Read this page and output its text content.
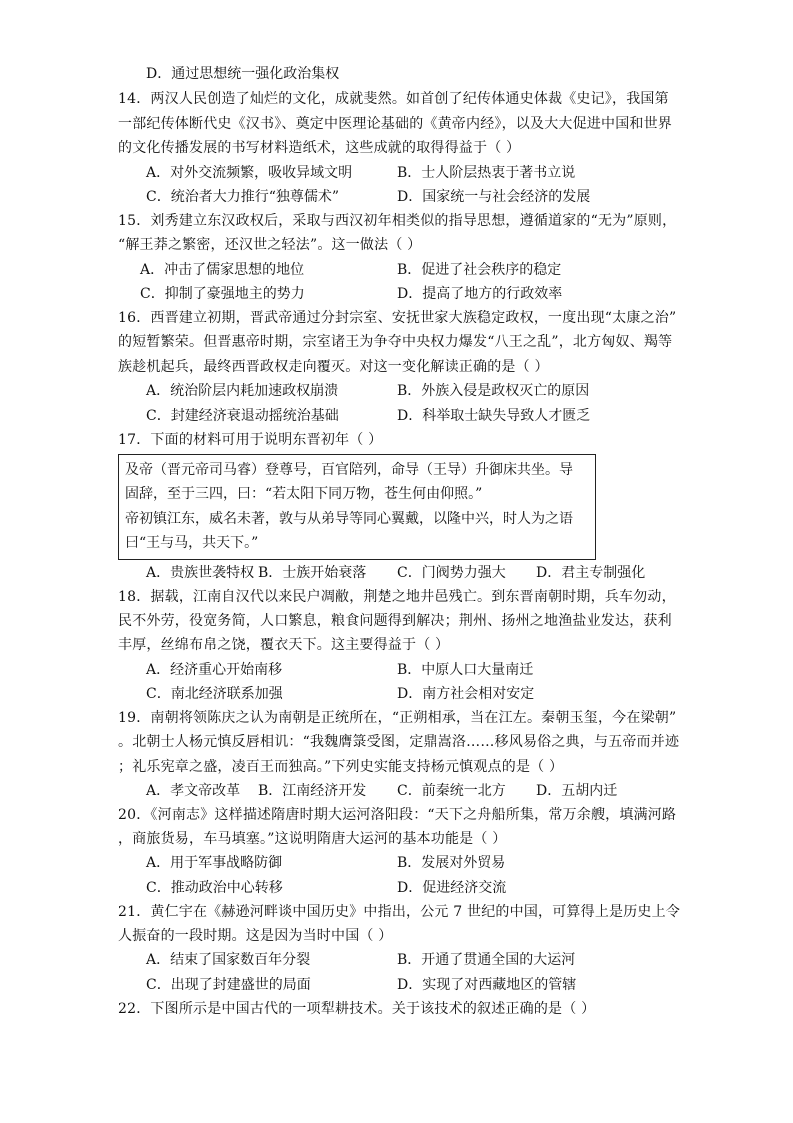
D．通过思想统一强化政治集权
14．两汉人民创造了灿烂的文化，成就斐然。如首创了纪传体通史体裁《史记》，我国第
一部纪传体断代史《汉书》、奠定中医理论基础的《黄帝内经》，以及大大促进中国和世界
的文化传播发展的书写材料造纸术，这些成就的取得得益于（ ）
A．对外交流频繁，吸收异域文明	B．士人阶层热衷于著书立说
C．统治者大力推行“独尊儒术”	D．国家统一与社会经济的发展
15．刘秀建立东汉政权后，采取与西汉初年相类似的指导思想，遵循道家的“无为”原则，
“解王莽之繁密，还汉世之轻法”。这一做法（ ）
A．冲击了儒家思想的地位	B．促进了社会秩序的稳定
C．抑制了豪强地主的势力	D．提高了地方的行政效率
16．西晋建立初期，晋武帝通过分封宗室、安抚世家大族稳定政权，一度出现“太康之治”
的短暂繁荣。但晋惠帝时期，宗室诸王为争夺中央权力爆发“八王之乱”，北方匈奴、羯等
族趁机起兵，最终西晋政权走向覆灭。对这一变化解读正确的是（ ）
A．统治阶层内耗加速政权崩溃	B．外族入侵是政权灭亡的原因
C．封建经济衰退动摇统治基础	D．科举取士缺失导致人才匮乏
17．下面的材料可用于说明东晋初年（ ）
及帝（晋元帝司马睿）登尊号，百官陪列，命导（王导）升御床共坐。导
固辞，至于三四，曰：“若太阳下同万物，苍生何由仰照。”
帝初镇江东，威名未著，敦与从弟导等同心翼戴，以隆中兴，时人为之语
曰“王与马，共天下。”
A．贵族世袭特权 B．士族开始衰落 C．门阀势力强大 D．君主专制强化
18．据载，江南自汉代以来民户凋敝，荆楚之地井邑残亡。到东晋南朝时期，兵车勿动，
民不外劳，役宽务简，人口繁息，粮食问题得到解决；荆州、扬州之地渔盐业发达，获利
丰厚，丝绵布帛之饶，覆衣天下。这主要得益于（ ）
A．经济重心开始南移	B．中原人口大量南迁
C．南北经济联系加强	D．南方社会相对安定
19．南朝将领陈庆之认为南朝是正统所在，“正朔相承，当在江左。秦朝玉玺，今在梁朝”
。北朝士人杨元慎反唇相讥：“我魏膺箓受图，定鼎嵩洛……移风易俗之典，与五帝而并迹
；礼乐宪章之盛，凌百王而独高。”下列史实能支持杨元慎观点的是（ ）
A．孝文帝改革 B．江南经济开发 C．前秦统一北方 D．五胡内迁
20．《河南志》这样描述隋唐时期大运河洛阳段：“天下之舟船所集，常万余艘，填满河路
，商旅货易，车马填塞。”这说明隋唐大运河的基本功能是（ ）
A．用于军事战略防御	B．发展对外贸易
C．推动政治中心转移	D．促进经济交流
21．黄仁宇在《赫逊河畔谈中国历史》中指出，公元 7 世纪的中国，可算得上是历史上令
人振奋的一段时期。这是因为当时中国（ ）
A．结束了国家数百年分裂	B．开通了贯通全国的大运河
C．出现了封建盛世的局面	D．实现了对西藏地区的管辖
22．下图所示是中国古代的一项犁耕技术。关于该技术的叙述正确的是（ ）
